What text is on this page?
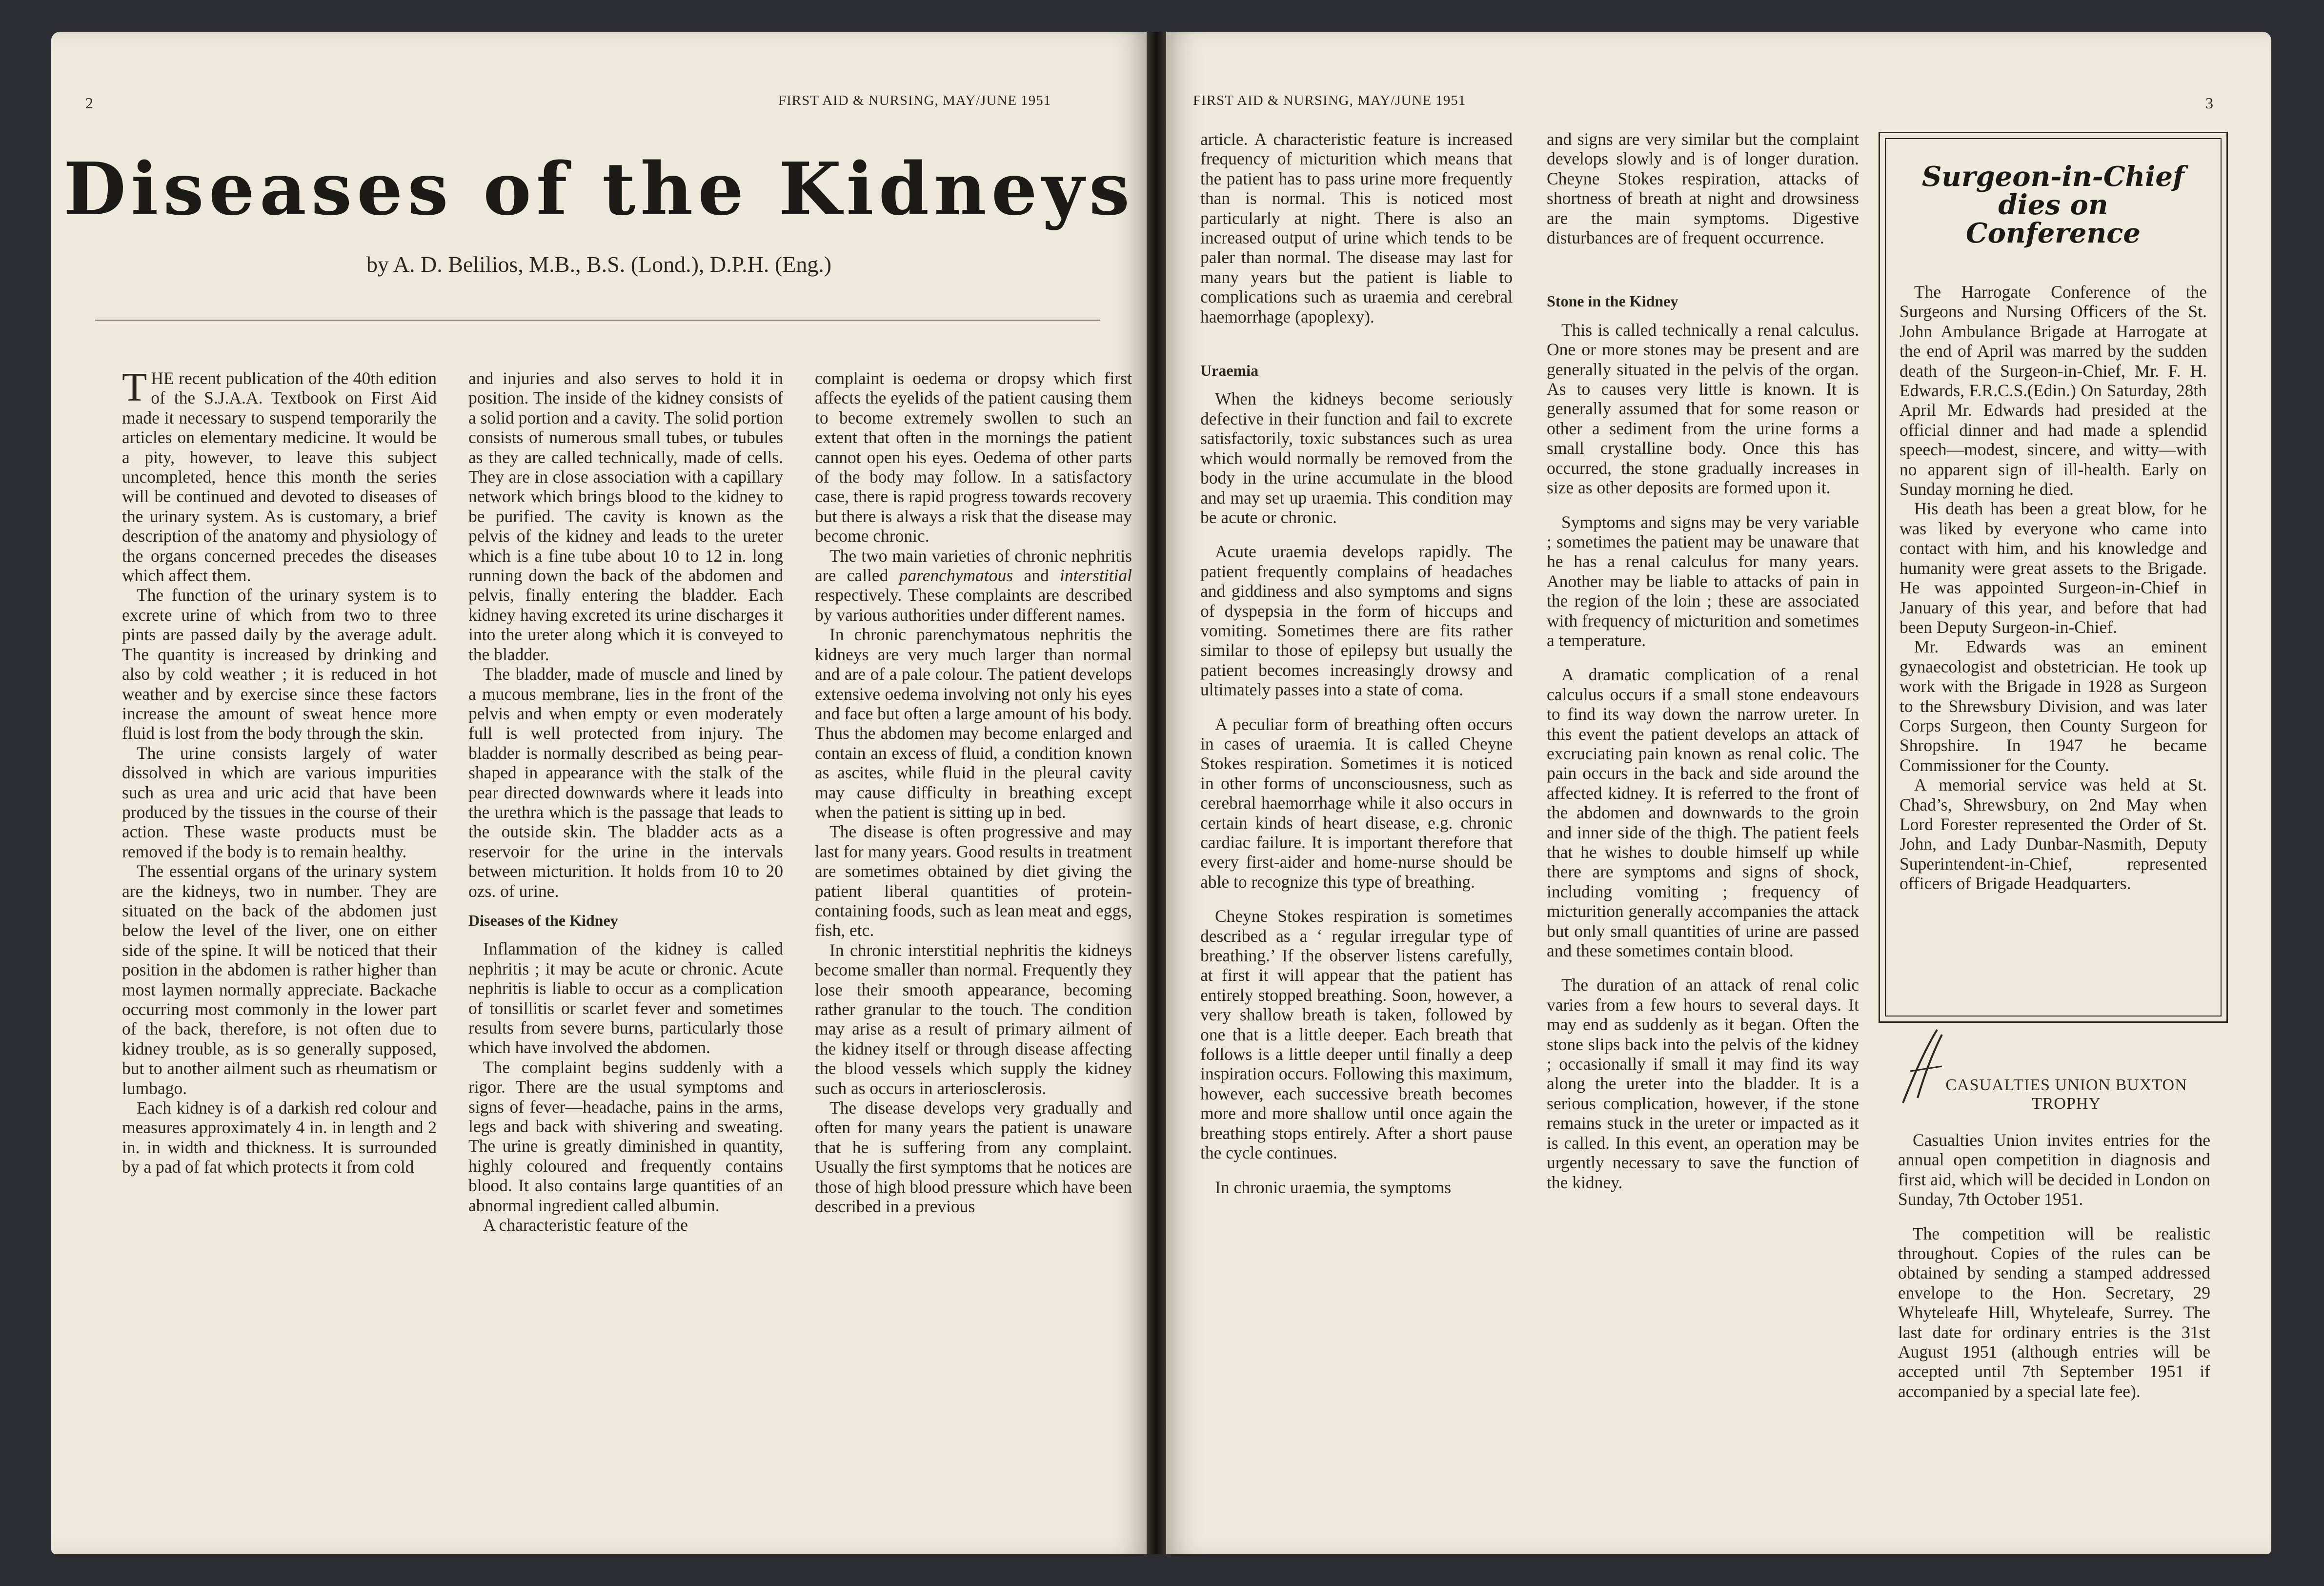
2	FIRST AID & NURSING, MAY/JUNE 1951
Diseases of the Kidneys
by A. D. Belilios, M.B., B.S. (Lond.), D.P.H. (Eng.)

THE recent publication of the 40th edition of the S.J.A.A. Textbook on First Aid made it necessary to suspend temporarily the articles on elementary medicine. It would be a pity, however, to leave this subject uncompleted, hence this month the series will be continued and devoted to diseases of the urinary system. As is customary, a brief description of the anatomy and physiology of the organs concerned precedes the diseases which affect them.

The function of the urinary system is to excrete urine of which from two to three pints are passed daily by the average adult. The quantity is increased by drinking and also by cold weather ; it is reduced in hot weather and by exercise since these factors increase the amount of sweat hence more fluid is lost from the body through the skin.

The urine consists largely of water dissolved in which are various impurities such as urea and uric acid that have been produced by the tissues in the course of their action. These waste products must be removed if the body is to remain healthy.

The essential organs of the urinary system are the kidneys, two in number. They are situated on the back of the abdomen just below the level of the liver, one on either side of the spine. It will be noticed that their position in the abdomen is rather higher than most laymen normally appreciate. Backache occurring most commonly in the lower part of the back, therefore, is not often due to kidney trouble, as is so generally supposed, but to another ailment such as rheumatism or lumbago.

Each kidney is of a darkish red colour and measures approximately 4 in. in length and 2 in. in width and thickness. It is surrounded by a pad of fat which protects it from cold

and injuries and also serves to hold it in position. The inside of the kidney consists of a solid portion and a cavity. The solid portion consists of numerous small tubes, or tubules as they are called technically, made of cells. They are in close association with a capillary network which brings blood to the kidney to be purified. The cavity is known as the pelvis of the kidney and leads to the ureter which is a fine tube about 10 to 12 in. long running down the back of the abdomen and pelvis, finally entering the bladder. Each kidney having excreted its urine discharges it into the ureter along which it is conveyed to the bladder.

The bladder, made of muscle and lined by a mucous membrane, lies in the front of the pelvis and when empty or even moderately full is well protected from injury. The bladder is normally described as being pear-shaped in appearance with the stalk of the pear directed downwards where it leads into the urethra which is the passage that leads to the outside skin. The bladder acts as a reservoir for the urine in the intervals between micturition. It holds from 10 to 20 ozs. of urine.

Diseases of the Kidney

Inflammation of the kidney is called nephritis ; it may be acute or chronic. Acute nephritis is liable to occur as a complication of tonsillitis or scarlet fever and sometimes results from severe burns, particularly those which have involved the abdomen.

The complaint begins suddenly with a rigor. There are the usual symptoms and signs of fever—headache, pains in the arms, legs and back with shivering and sweating. The urine is greatly diminished in quantity, highly coloured and frequently contains blood. It also contains large quantities of an abnormal ingredient called albumin.

A characteristic feature of the

complaint is oedema or dropsy which first affects the eyelids of the patient causing them to become extremely swollen to such an extent that often in the mornings the patient cannot open his eyes. Oedema of other parts of the body may follow. In a satisfactory case, there is rapid progress towards recovery but there is always a risk that the disease may become chronic.

The two main varieties of chronic nephritis are called parenchymatous and interstitial respectively. These complaints are described by various authorities under different names.

In chronic parenchymatous nephritis the kidneys are very much larger than normal and are of a pale colour. The patient develops extensive oedema involving not only his eyes and face but often a large amount of his body. Thus the abdomen may become enlarged and contain an excess of fluid, a condition known as ascites, while fluid in the pleural cavity may cause difficulty in breathing except when the patient is sitting up in bed.

The disease is often progressive and may last for many years. Good results in treatment are sometimes obtained by diet giving the patient liberal quantities of protein-containing foods, such as lean meat and eggs, fish, etc.

In chronic interstitial nephritis the kidneys become smaller than normal. Frequently they lose their smooth appearance, becoming rather granular to the touch. The condition may arise as a result of primary ailment of the kidney itself or through disease affecting the blood vessels which supply the kidney such as occurs in arteriosclerosis.

The disease develops very gradually and often for many years the patient is unaware that he is suffering from any complaint. Usually the first symptoms that he notices are those of high blood pressure which have been described in a previous

FIRST AID & NURSING, MAY/JUNE 1951	3

article. A characteristic feature is increased frequency of micturition which means that the patient has to pass urine more frequently than is normal. This is noticed most particularly at night. There is also an increased output of urine which tends to be paler than normal. The disease may last for many years but the patient is liable to complications such as uraemia and cerebral haemorrhage (apoplexy).

Uraemia

When the kidneys become seriously defective in their function and fail to excrete satisfactorily, toxic substances such as urea which would normally be removed from the body in the urine accumulate in the blood and may set up uraemia. This condition may be acute or chronic.

Acute uraemia develops rapidly. The patient frequently complains of headaches and giddiness and also symptoms and signs of dyspepsia in the form of hiccups and vomiting. Sometimes there are fits rather similar to those of epilepsy but usually the patient becomes increasingly drowsy and ultimately passes into a state of coma.

A peculiar form of breathing often occurs in cases of uraemia. It is called Cheyne Stokes respiration. Sometimes it is noticed in other forms of unconsciousness, such as cerebral haemorrhage while it also occurs in certain kinds of heart disease, e.g. chronic cardiac failure. It is important therefore that every first-aider and home-nurse should be able to recognize this type of breathing.

Cheyne Stokes respiration is sometimes described as a ‘ regular irregular type of breathing.’ If the observer listens carefully, at first it will appear that the patient has entirely stopped breathing. Soon, however, a very shallow breath is taken, followed by one that is a little deeper. Each breath that follows is a little deeper until finally a deep inspiration occurs. Following this maximum, however, each successive breath becomes more and more shallow until once again the breathing stops entirely. After a short pause the cycle continues.

In chronic uraemia, the symptoms

and signs are very similar but the complaint develops slowly and is of longer duration. Cheyne Stokes respiration, attacks of shortness of breath at night and drowsiness are the main symptoms. Digestive disturbances are of frequent occurrence.

Stone in the Kidney

This is called technically a renal calculus. One or more stones may be present and are generally situated in the pelvis of the organ. As to causes very little is known. It is generally assumed that for some reason or other a sediment from the urine forms a small crystalline body. Once this has occurred, the stone gradually increases in size as other deposits are formed upon it.

Symptoms and signs may be very variable ; sometimes the patient may be unaware that he has a renal calculus for many years. Another may be liable to attacks of pain in the region of the loin ; these are associated with frequency of micturition and sometimes a temperature.

A dramatic complication of a renal calculus occurs if a small stone endeavours to find its way down the narrow ureter. In this event the patient develops an attack of excruciating pain known as renal colic. The pain occurs in the back and side around the affected kidney. It is referred to the front of the abdomen and downwards to the groin and inner side of the thigh. The patient feels that he wishes to double himself up while there are symptoms and signs of shock, including vomiting ; frequency of micturition generally accompanies the attack but only small quantities of urine are passed and these sometimes contain blood.

The duration of an attack of renal colic varies from a few hours to several days. It may end as suddenly as it began. Often the stone slips back into the pelvis of the kidney ; occasionally if small it may find its way along the ureter into the bladder. It is a serious complication, however, if the stone remains stuck in the ureter or impacted as it is called. In this event, an operation may be urgently necessary to save the function of the kidney.

Surgeon-in-Chief
dies on
Conference

The Harrogate Conference of the Surgeons and Nursing Officers of the St. John Ambulance Brigade at Harrogate at the end of April was marred by the sudden death of the Surgeon-in-Chief, Mr. F. H. Edwards, F.R.C.S.(Edin.) On Saturday, 28th April Mr. Edwards had presided at the official dinner and had made a splendid speech—modest, sincere, and witty—with no apparent sign of ill-health. Early on Sunday morning he died.

His death has been a great blow, for he was liked by everyone who came into contact with him, and his knowledge and humanity were great assets to the Brigade. He was appointed Surgeon-in-Chief in January of this year, and before that had been Deputy Surgeon-in-Chief.

Mr. Edwards was an eminent gynaecologist and obstetrician. He took up work with the Brigade in 1928 as Surgeon to the Shrewsbury Division, and was later Corps Surgeon, then County Surgeon for Shropshire. In 1947 he became Commissioner for the County.

A memorial service was held at St. Chad’s, Shrewsbury, on 2nd May when Lord Forester represented the Order of St. John, and Lady Dunbar-Nasmith, Deputy Superintendent-in-Chief, represented officers of Brigade Headquarters.

CASUALTIES UNION BUXTON
TROPHY

Casualties Union invites entries for the annual open competition in diagnosis and first aid, which will be decided in London on Sunday, 7th October 1951.

The competition will be realistic throughout. Copies of the rules can be obtained by sending a stamped addressed envelope to the Hon. Secretary, 29 Whyteleafe Hill, Whyteleafe, Surrey. The last date for ordinary entries is the 31st August 1951 (although entries will be accepted until 7th September 1951 if accompanied by a special late fee).
